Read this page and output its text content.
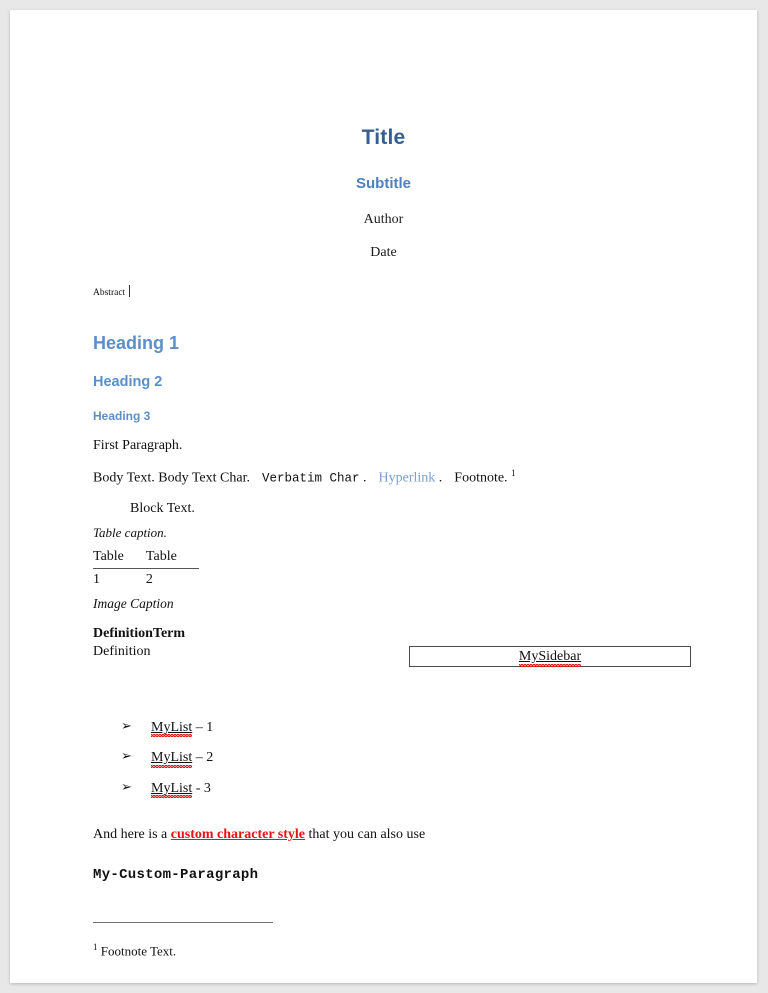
Title
Subtitle
Author
Date
Abstract
Heading 1
Heading 2
Heading 3

First Paragraph.

Body Text. Body Text Char. Verbatim Char . Hyperlink . Footnote. $^1$

Block Text.

Table caption.

Table	Table
1	2

Image Caption

DefinitionTerm

Definition

➢ MyList
– 1
➢ MyList
– 2
➢ MyList
- 3

And here is a custom character style that you can also use

My-Custom-Paragraph

$^1$ Footnote Text.

MySidebar
